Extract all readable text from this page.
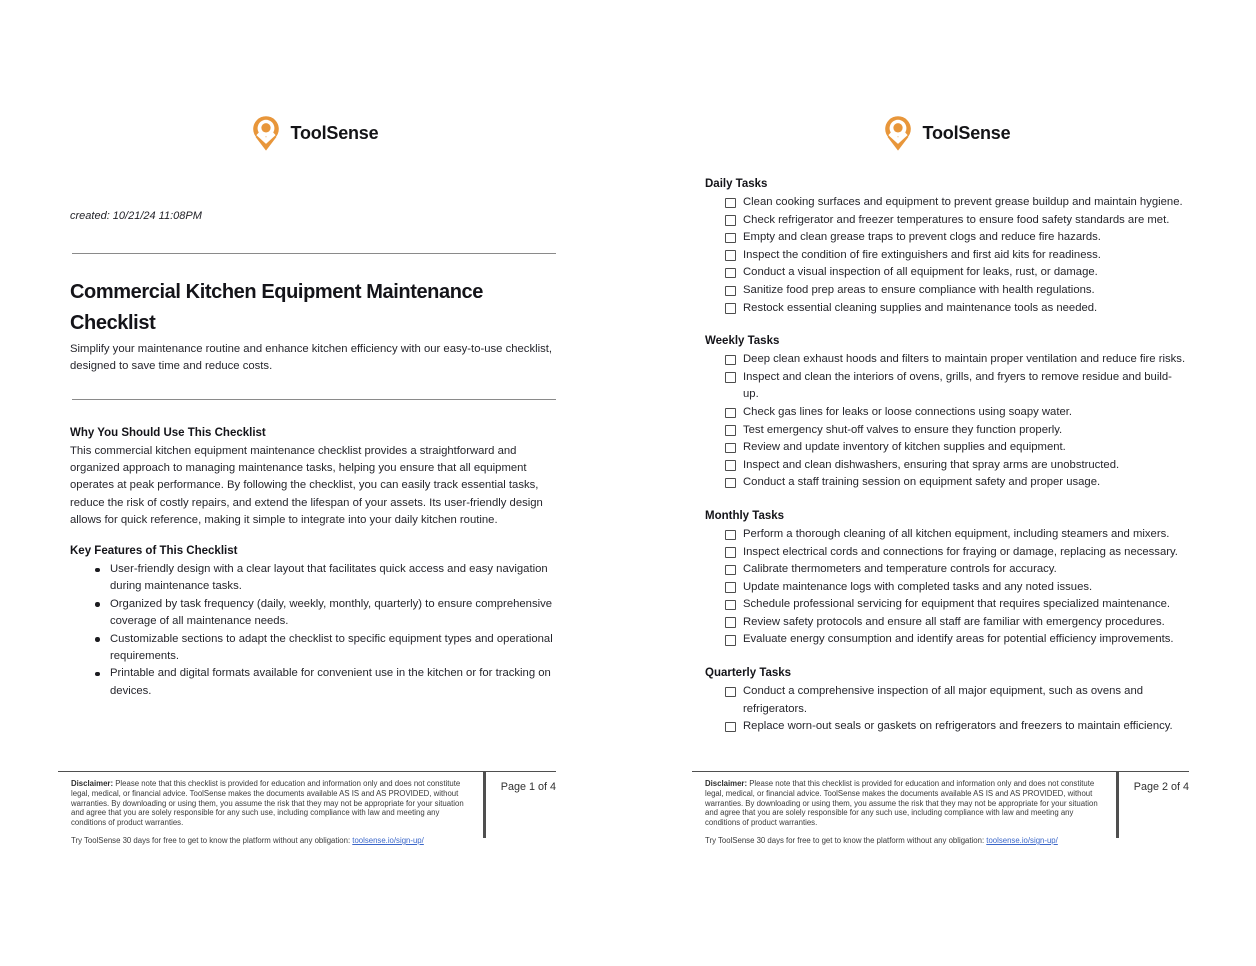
ToolSense
created: 10/21/24 11:08PM
Commercial Kitchen Equipment Maintenance Checklist

Simplify your maintenance routine and enhance kitchen efficiency with our easy-to-use checklist, designed to save time and reduce costs.

Why You Should Use This Checklist

This commercial kitchen equipment maintenance checklist provides a straightforward and organized approach to managing maintenance tasks, helping you ensure that all equipment operates at peak performance. By following the checklist, you can easily track essential tasks, reduce the risk of costly repairs, and extend the lifespan of your assets. Its user-friendly design allows for quick reference, making it simple to integrate into your daily kitchen routine.

Key Features of This Checklist
User-friendly design with a clear layout that facilitates quick access and easy navigation during maintenance tasks.
Organized by task frequency (daily, weekly, monthly, quarterly) to ensure comprehensive coverage of all maintenance needs.
Customizable sections to adapt the checklist to specific equipment types and operational requirements.
Printable and digital formats available for convenient use in the kitchen or for tracking on devices.

Disclaimer: Please note that this checklist is provided for education and information only and does not constitute legal, medical, or financial advice. ToolSense makes the documents available AS IS and AS PROVIDED, without warranties. By downloading or using them, you assume the risk that they may not be appropriate for your situation and agree that you are solely responsible for any such use, including compliance with law and meeting any conditions of product warranties.

Try ToolSense 30 days for free to get to know the platform without any obligation: toolsense.io/sign-up/

Page 1 of 4
ToolSense
Daily Tasks
Clean cooking surfaces and equipment to prevent grease buildup and maintain hygiene.
Check refrigerator and freezer temperatures to ensure food safety standards are met.
Empty and clean grease traps to prevent clogs and reduce fire hazards.
Inspect the condition of fire extinguishers and first aid kits for readiness.
Conduct a visual inspection of all equipment for leaks, rust, or damage.
Sanitize food prep areas to ensure compliance with health regulations.
Restock essential cleaning supplies and maintenance tools as needed.
Weekly Tasks
Deep clean exhaust hoods and filters to maintain proper ventilation and reduce fire risks.
Inspect and clean the interiors of ovens, grills, and fryers to remove residue and build-up.
Check gas lines for leaks or loose connections using soapy water.
Test emergency shut-off valves to ensure they function properly.
Review and update inventory of kitchen supplies and equipment.
Inspect and clean dishwashers, ensuring that spray arms are unobstructed.
Conduct a staff training session on equipment safety and proper usage.
Monthly Tasks
Perform a thorough cleaning of all kitchen equipment, including steamers and mixers.
Inspect electrical cords and connections for fraying or damage, replacing as necessary.
Calibrate thermometers and temperature controls for accuracy.
Update maintenance logs with completed tasks and any noted issues.
Schedule professional servicing for equipment that requires specialized maintenance.
Review safety protocols and ensure all staff are familiar with emergency procedures.
Evaluate energy consumption and identify areas for potential efficiency improvements.
Quarterly Tasks
Conduct a comprehensive inspection of all major equipment, such as ovens and refrigerators.
Replace worn-out seals or gaskets on refrigerators and freezers to maintain efficiency.

Disclaimer: Please note that this checklist is provided for education and information only and does not constitute legal, medical, or financial advice. ToolSense makes the documents available AS IS and AS PROVIDED, without warranties. By downloading or using them, you assume the risk that they may not be appropriate for your situation and agree that you are solely responsible for any such use, including compliance with law and meeting any conditions of product warranties.

Try ToolSense 30 days for free to get to know the platform without any obligation: toolsense.io/sign-up/

Page 2 of 4
